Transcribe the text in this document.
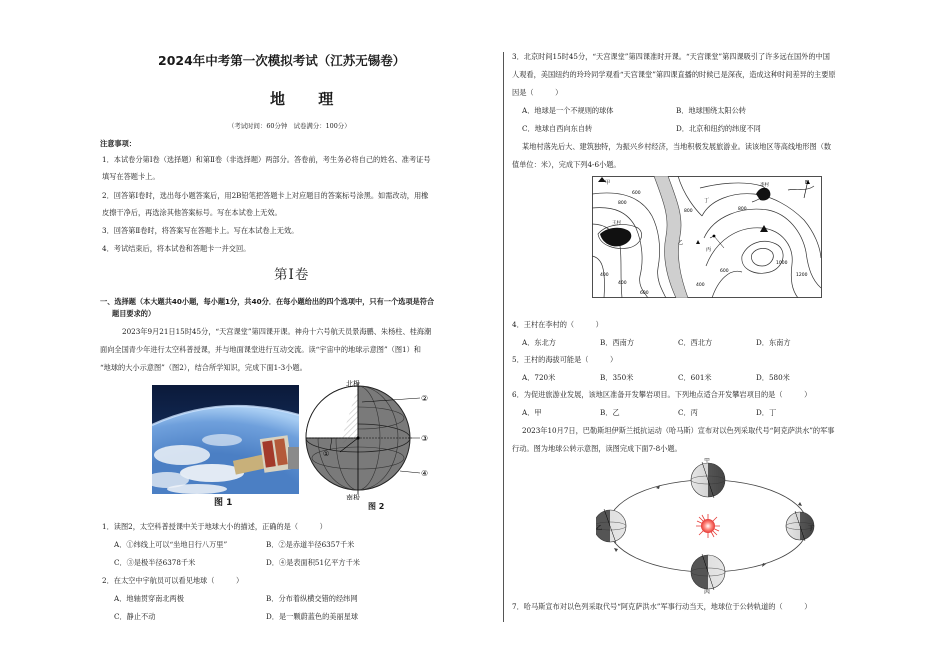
2024年中考第一次模拟考试（江苏无锡卷）
地 理
（考试时间：60分钟　试卷满分：100分）
注意事项：
1．本试卷分第Ⅰ卷（选择题）和第Ⅱ卷（非选择题）两部分。答卷前，考生务必将自己的姓名、准考证号
填写在答题卡上。
2．回答第Ⅰ卷时，选出每小题答案后，用2B铅笔把答题卡上对应题目的答案标号涂黑。如需改动，用橡
皮擦干净后，再选涂其他答案标号。写在本试卷上无效。
3．回答第Ⅱ卷时，将答案写在答题卡上。写在本试卷上无效。
4．考试结束后，将本试卷和答题卡一并交回。
第Ⅰ卷
一、选择题（本大题共40小题，每小题1分，共40分．在每小题给出的四个选项中，只有一个选项是符合
题目要求的）
2023年9月21日15时45分，“天宫课堂”第四课开课。神舟十六号航天员景海鹏、朱杨柱、桂海潮
面向全国青少年进行太空科普授课，并与地面课堂进行互动交流。读“宇宙中的地球示意图”（图1）和
“地球的大小示意图”（图2），结合所学知识，完成下面1-3小题。
图 1
北极
南极
②
③
④
①
图 2
1．读图2，太空科普授课中关于地球大小的描述，正确的是（　　　）
A．①纬线上可以“坐地日行八万里”	B．②是赤道半径6357千米
C．③是极半径6378千米	D．④是表面积51亿平方千米
2．在太空中宇航员可以看见地球（　　　）
A．地轴贯穿南北两极	B．分布着纵横交错的经纬网
C．静止不动	D．是一颗蔚蓝色的美丽星球
3．北京时间15时45分，“天宫课堂”第四课准时开课。“天宫课堂”第四课吸引了许多远在国外的中国
人观看，美国纽约的玲玲同学观看“天宫课堂”第四课直播的时候已是深夜，造成这种时间差异的主要原
因是（　　　）
A．地球是一个不规则的球体	B．地球围绕太阳公转
C．地球自西向东自转	D．北京和纽约的纬度不同
某地村落先后大、建筑独特，为振兴乡村经济，当地积极发展旅游业。读该地区等高线地形图（数
值单位：米），完成下列4-6小题。
N
甲
乙
丙
丁
王村
李村
800
600
400
400
600
800
600
400
1000
1200
800
4．王村在李村的（　　　）
A．东北方	B．西南方	C．西北方	D．东南方
5．王村的海拔可能是（　　　）
A．720米	B．350米	C．601米	D．580米
6．为促进旅游业发展，该地区准备开发攀岩项目。下列地点适合开发攀岩项目的是（　　　）
A．甲	B．乙	C．丙	D．丁
2023年10月7日，巴勒斯坦伊斯兰抵抗运动（哈马斯）宣布对以色列采取代号“阿克萨洪水”的军事
行动。图为地球公转示意图，读图完成下面7-8小题。
甲
乙
丙
丁
7．哈马斯宣布对以色列采取代号“阿克萨洪水”军事行动当天，地球位于公转轨道的（　　　）
